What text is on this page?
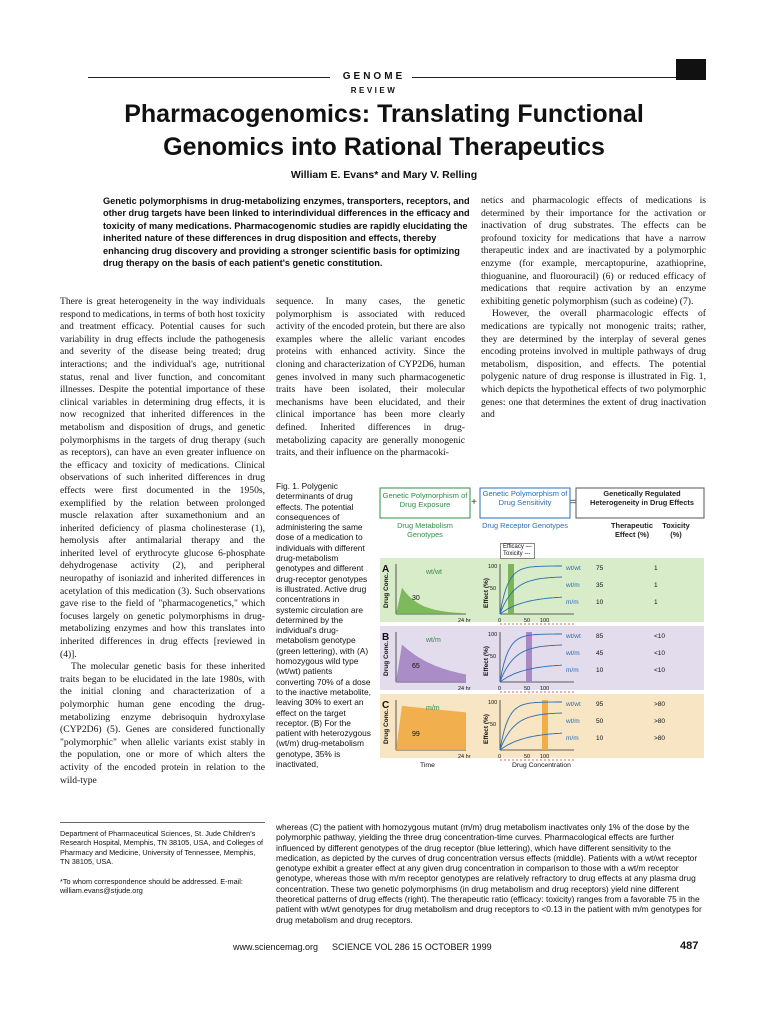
GENOME
REVIEW
Pharmacogenomics: Translating Functional
Genomics into Rational Therapeutics
William E. Evans* and Mary V. Relling
Genetic polymorphisms in drug-metabolizing enzymes, transporters, receptors, and other drug targets have been linked to interindividual differences in the efficacy and toxicity of many medications. Pharmacogenomic studies are rapidly elucidating the inherited nature of these differences in drug disposition and effects, thereby enhancing drug discovery and providing a stronger scientific basis for optimizing drug therapy on the basis of each patient's genetic constitution.

There is great heterogeneity in the way individuals respond to medications, in terms of both host toxicity and treatment efficacy. Potential causes for such variability in drug effects include the pathogenesis and severity of the disease being treated; drug interactions; and the individual's age, nutritional status, renal and liver function, and concomitant illnesses. Despite the potential importance of these clinical variables in determining drug effects, it is now recognized that inherited differences in the metabolism and disposition of drugs, and genetic polymorphisms in the targets of drug therapy (such as receptors), can have an even greater influence on the efficacy and toxicity of medications. Clinical observations of such inherited differences in drug effects were first documented in the 1950s, exemplified by the relation between prolonged muscle relaxation after suxamethonium and an inherited deficiency of plasma cholinesterase (1), hemolysis after antimalarial therapy and the inherited level of erythrocyte glucose 6-phosphate dehydrogenase activity (2), and peripheral neuropathy of isoniazid and inherited differences in acetylation of this medication (3). Such observations gave rise to the field of "pharmacogenetics," which focuses largely on genetic polymorphisms in drug-metabolizing enzymes and how this translates into inherited differences in drug effects [reviewed in (4)].

The molecular genetic basis for these inherited traits began to be elucidated in the late 1980s, with the initial cloning and characterization of a polymorphic human gene encoding the drug-metabolizing enzyme debrisoquin hydroxylase (CYP2D6) (5). Genes are considered functionally "polymorphic" when allelic variants exist stably in the population, one or more of which alters the activity of the encoded protein in relation to the wild-type

sequence. In many cases, the genetic polymorphism is associated with reduced activity of the encoded protein, but there are also examples where the allelic variant encodes proteins with enhanced activity. Since the cloning and characterization of CYP2D6, human genes involved in many such pharmacogenetic traits have been isolated, their molecular mechanisms have been elucidated, and their clinical importance has been more clearly defined. Inherited differences in drug-metabolizing capacity are generally monogenic traits, and their influence on the pharmacoki-

netics and pharmacologic effects of medications is determined by their importance for the activation or inactivation of drug substrates. The effects can be profound toxicity for medications that have a narrow therapeutic index and are inactivated by a polymorphic enzyme (for example, mercaptopurine, azathioprine, thioguanine, and fluorouracil) (6) or reduced efficacy of medications that require activation by an enzyme exhibiting genetic polymorphism (such as codeine) (7).

However, the overall pharmacologic effects of medications are typically not monogenic traits; rather, they are determined by the interplay of several genes encoding proteins involved in multiple pathways of drug metabolism, disposition, and effects. The potential polygenic nature of drug response is illustrated in Fig. 1, which depicts the hypothetical effects of two polymorphic genes: one that determines the extent of drug inactivation and

Fig. 1. Polygenic determinants of drug effects. The potential consequences of administering the same dose of a medication to individuals with different drug-metabolism genotypes and different drug-receptor genotypes is illustrated. Active drug concentrations in systemic circulation are determined by the individual's drug-metabolism genotype (green lettering), with (A) homozygous wild type (wt/wt) patients converting 70% of a dose to the inactive metabolite, leaving 30% to exert an effect on the target receptor. (B) For the patient with heterozygous (wt/m) drug-metabolism genotype, 35% is inactivated,
A
Drug Conc.	30
wt/wt
24 hr
Effect (%)
100
50
0	50 100
wt/wt 75	1
wt/m	35	1
m/m	10	1
B
Drug Conc.	65
wt/m
24 hr
Effect (%)
100
50
0	50 100
wt/wt 85	<10
wt/m	45	<10
m/m	10	<10
C
Drug Conc.	99
m/m
24 hr
Effect (%)
100
50
0	50 100
wt/wt 95	>80
wt/m	50	>80
m/m	10	>80
Genetic Polymorphism of Drug Exposure	+
Genetic Polymorphism of Drug Sensitivity	=
Genetically Regulated Heterogeneity in Drug Effects
Drug Metabolism Genotypes
Drug Receptor Genotypes	Therapeutic Effect (%)
Toxicity (%)
Efficacy —
Toxicity ---
Time	Drug Concentration
whereas (C) the patient with homozygous mutant (m/m) drug metabolism inactivates only 1% of the dose by the polymorphic pathway, yielding the three drug concentration-time curves. Pharmacological effects are further influenced by different genotypes of the drug receptor (blue lettering), which have different sensitivity to the medication, as depicted by the curves of drug concentration versus effects (middle). Patients with a wt/wt receptor genotype exhibit a greater effect at any given drug concentration in comparison to those with a wt/m receptor genotype, whereas those with m/m receptor genotypes are relatively refractory to drug effects at any plasma drug concentration. These two genetic polymorphisms (in drug metabolism and drug receptors) yield nine different theoretical patterns of drug effects (right). The therapeutic ratio (efficacy: toxicity) ranges from a favorable 75 in the patient with wt/wt genotypes for drug metabolism and drug receptors to <0.13 in the patient with m/m genotypes for drug metabolism and drug receptors.
Department of Pharmaceutical Sciences, St. Jude Children's Research Hospital, Memphis, TN 38105, USA, and Colleges of Pharmacy and Medicine, University of Tennessee, Memphis, TN 38105, USA.
*To whom correspondence should be addressed. E-mail: william.evans@stjude.org
www.sciencemag.org SCIENCE VOL 286 15 OCTOBER 1999	487
